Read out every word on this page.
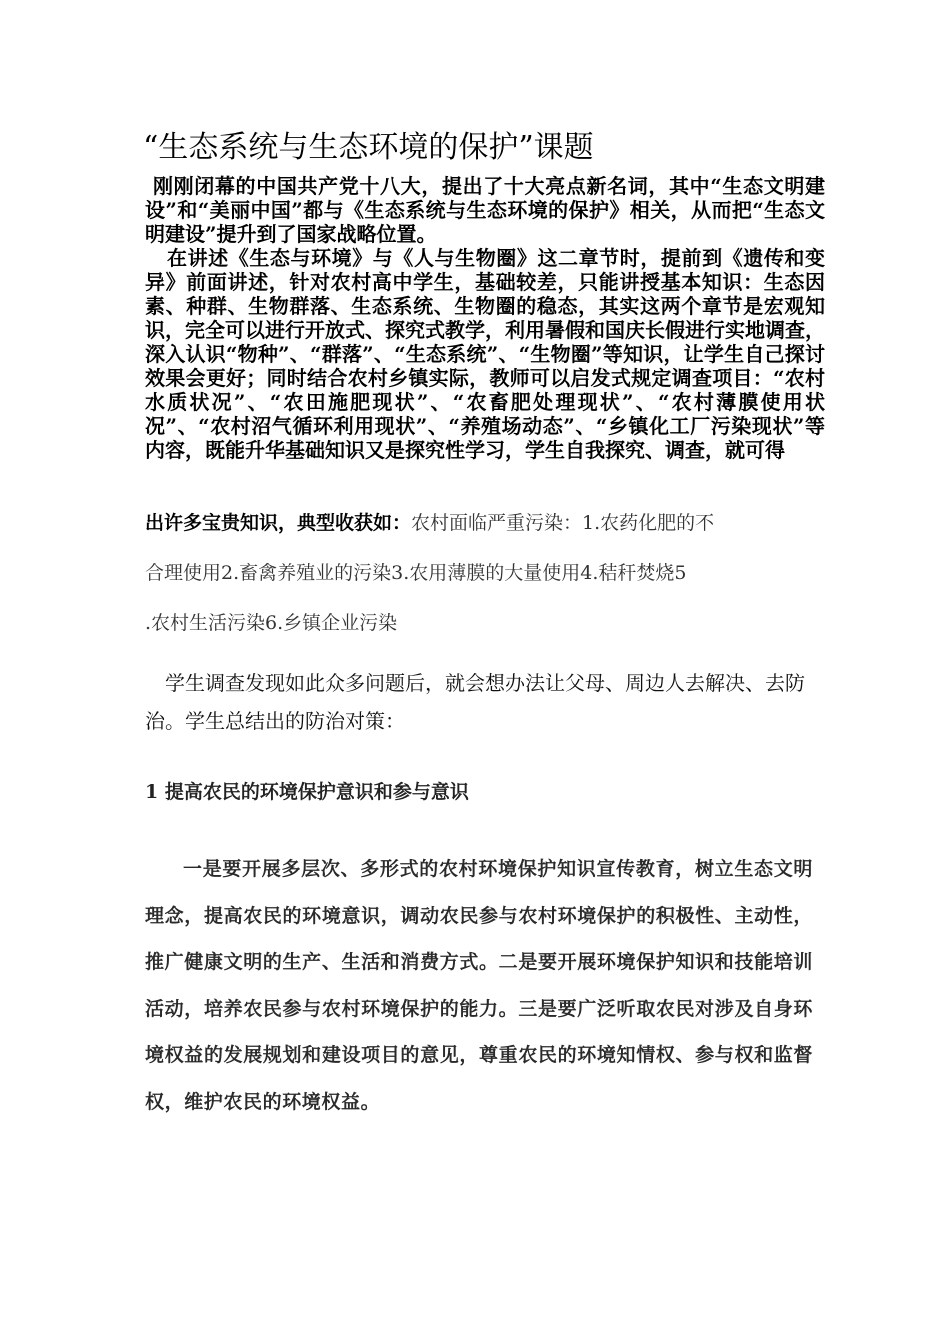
“生态系统与生态环境的保护”课题

刚刚闭幕的中国共产党十八大，提出了十大亮点新名词，其中“生态文明建设”和“美丽中国”都与《生态系统与生态环境的保护》相关，从而把“生态文明建设”提升到了国家战略位置。

在讲述《生态与环境》与《人与生物圈》这二章节时，提前到《遗传和变异》前面讲述，针对农村高中学生，基础较差，只能讲授基本知识：生态因素、种群、生物群落、生态系统、生物圈的稳态，其实这两个章节是宏观知识，完全可以进行开放式、探究式教学，利用暑假和国庆长假进行实地调查，深入认识“物种”、“群落”、“生态系统”、“生物圈”等知识，让学生自己探讨效果会更好；同时结合农村乡镇实际，教师可以启发式规定调查项目：“农村水质状况”、“农田施肥现状”、“农畜肥处理现状”、“农村薄膜使用状况”、“农村沼气循环利用现状”、“养殖场动态”、“乡镇化工厂污染现状”等内容，既能升华基础知识又是探究性学习，学生自我探究、调查，就可得

出许多宝贵知识，典型收获如：农村面临严重污染：1.农药化肥的不

合理使用2.畜禽养殖业的污染3.农用薄膜的大量使用4.秸秆焚烧5

.农村生活污染6.乡镇企业污染

学生调查发现如此众多问题后，就会想办法让父母、周边人去解决、去防治。学生总结出的防治对策：

1 提高农民的环境保护意识和参与意识

一是要开展多层次、多形式的农村环境保护知识宣传教育，树立生态文明理念，提高农民的环境意识，调动农民参与农村环境保护的积极性、主动性，推广健康文明的生产、生活和消费方式。二是要开展环境保护知识和技能培训活动，培养农民参与农村环境保护的能力。三是要广泛听取农民对涉及自身环境权益的发展规划和建设项目的意见，尊重农民的环境知情权、参与权和监督权，维护农民的环境权益。
